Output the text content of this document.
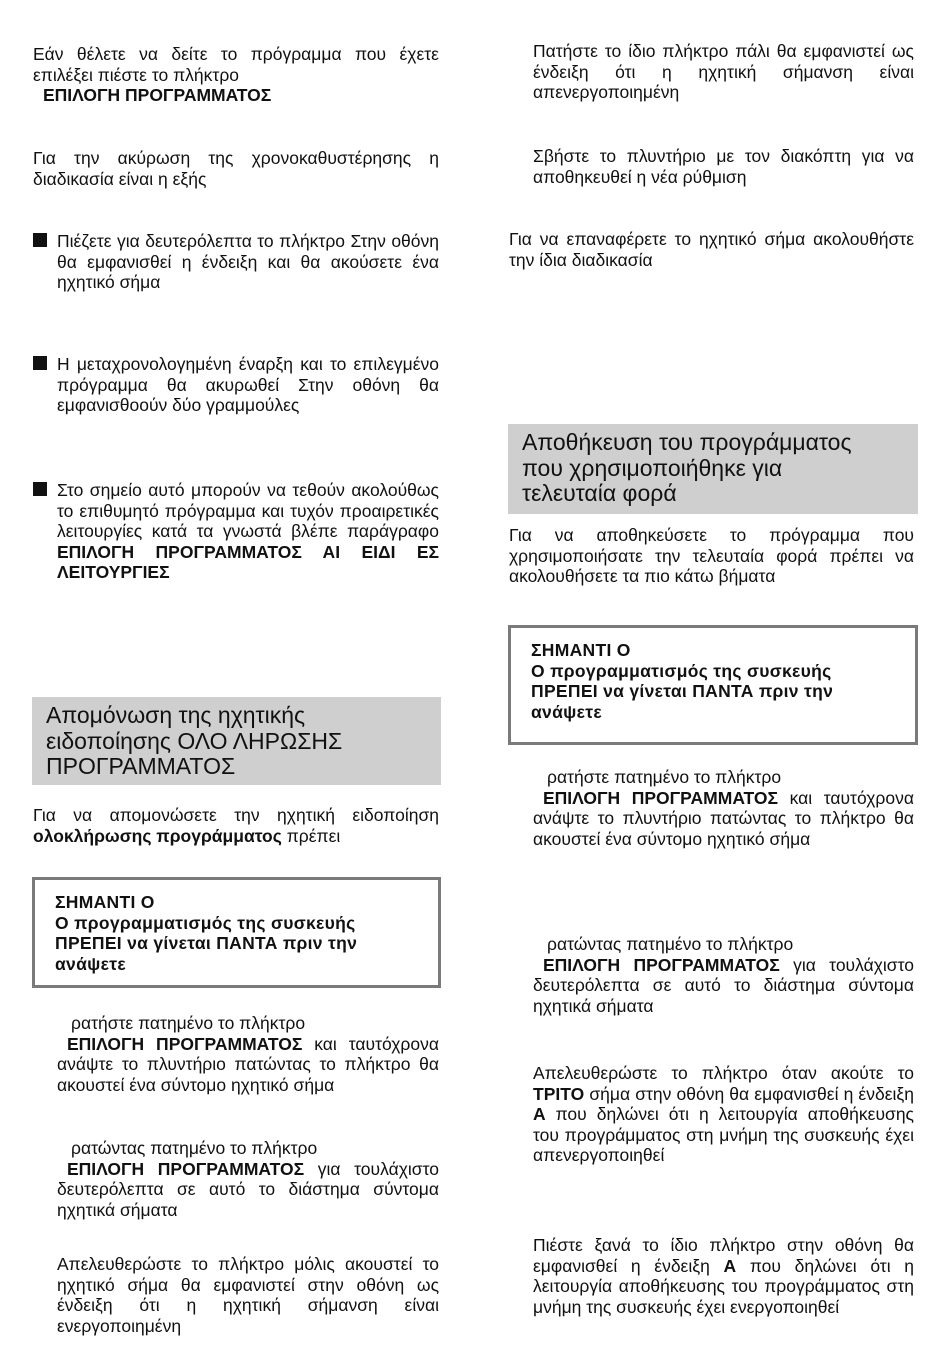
Εάν θέλετε να δείτε το πρόγραμμα που έχετε επιλέξει πιέστε το πλήκτρο
ΕΠΙΛΟΓΗ ΠΡΟΓΡΑΜΜΑΤΟΣ

Για την ακύρωση της χρονοκαθυστέρησης η διαδικασία είναι η εξής

Πιέζετε για δευτερόλεπτα το πλήκτρο Στην οθόνη θα εμφανισθεί η ένδειξη και θα ακούσετε ένα ηχητικό σήμα

Η μεταχρονολογημένη έναρξη και το επιλεγμένο πρόγραμμα θα ακυρωθεί Στην οθόνη θα εμφανισθοούν δύο γραμμούλες

Στο σημείο αυτό μπορούν να τεθούν ακολούθως το επιθυμητό πρόγραμμα και τυχόν προαιρετικές λειτουργίες κατά τα γνωστά βλέπε παράγραφο ΕΠΙΛΟΓΗ ΠΡΟΓΡΑΜΜΑΤΟΣ ΑΙ ΕΙΔΙ ΕΣ ΛΕΙΤΟΥΡΓΙΕΣ

Απομόνωση της ηχητικής
ειδοποίησης ΟΛΟ ΛΗΡΩΣΗΣ
ΠΡΟΓΡΑΜΜΑΤΟΣ

Για να απομονώσετε την ηχητική ειδοποίηση ολοκλήρωσης προγράμματος πρέπει

ΣΗΜΑΝΤΙ Ο
Ο προγραμματισμός της συσκευής ΠΡΕΠΕΙ να γίνεται ΠΑΝΤΑ πριν την ανάψετε

ρατήστε πατημένο το πλήκτρο
ΕΠΙΛΟΓΗ ΠΡΟΓΡΑΜΜΑΤΟΣ και ταυτόχρονα ανάψτε το πλυντήριο πατώντας το πλήκτρο θα ακουστεί ένα σύντομο ηχητικό σήμα

ρατώντας πατημένο το πλήκτρο
ΕΠΙΛΟΓΗ ΠΡΟΓΡΑΜΜΑΤΟΣ για τουλάχιστο δευτερόλεπτα σε αυτό το διάστημα σύντομα ηχητικά σήματα

Απελευθερώστε το πλήκτρο μόλις ακουστεί το ηχητικό σήμα θα εμφανιστεί στην οθόνη ως ένδειξη ότι η ηχητική σήμανση είναι ενεργοποιημένη

Πατήστε το ίδιο πλήκτρο πάλι θα εμφανιστεί ως ένδειξη ότι η ηχητική σήμανση είναι απενεργοποιημένη

Σβήστε το πλυντήριο με τον διακόπτη για να αποθηκευθεί η νέα ρύθμιση

Για να επαναφέρετε το ηχητικό σήμα ακολουθήστε την ίδια διαδικασία

Αποθήκευση του προγράμματος
που χρησιμοποιήθηκε για
τελευταία φορά

Για να αποθηκεύσετε το πρόγραμμα που χρησιμοποιήσατε την τελευταία φορά πρέπει να ακολουθήσετε τα πιο κάτω βήματα

ΣΗΜΑΝΤΙ Ο
Ο προγραμματισμός της συσκευής ΠΡΕΠΕΙ να γίνεται ΠΑΝΤΑ πριν την ανάψετε

ρατήστε πατημένο το πλήκτρο
ΕΠΙΛΟΓΗ ΠΡΟΓΡΑΜΜΑΤΟΣ και ταυτόχρονα ανάψτε το πλυντήριο πατώντας το πλήκτρο θα ακουστεί ένα σύντομο ηχητικό σήμα

ρατώντας πατημένο το πλήκτρο
ΕΠΙΛΟΓΗ ΠΡΟΓΡΑΜΜΑΤΟΣ για τουλάχιστο δευτερόλεπτα σε αυτό το διάστημα σύντομα ηχητικά σήματα

Απελευθερώστε το πλήκτρο όταν ακούτε το ΤΡΙΤΟ σήμα στην οθόνη θα εμφανισθεί η ένδειξη Α που δηλώνει ότι η λειτουργία αποθήκευσης του προγράμματος στη μνήμη της συσκευής έχει απενεργοποιηθεί

Πιέστε ξανά το ίδιο πλήκτρο στην οθόνη θα εμφανισθεί η ένδειξη Α που δηλώνει ότι η λειτουργία αποθήκευσης του προγράμματος στη μνήμη της συσκευής έχει ενεργοποιηθεί
